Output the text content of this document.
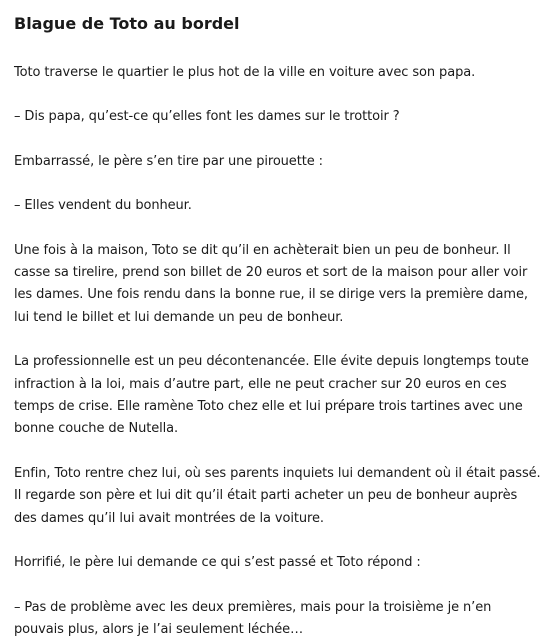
Blague de Toto au bordel

Toto traverse le quartier le plus hot de la ville en voiture avec son papa.

– Dis papa, qu’est-ce qu’elles font les dames sur le trottoir ?

Embarrassé, le père s’en tire par une pirouette :

– Elles vendent du bonheur.

Une fois à la maison, Toto se dit qu’il en achèterait bien un peu de bonheur. Il casse sa tirelire, prend son billet de 20 euros et sort de la maison pour aller voir les dames. Une fois rendu dans la bonne rue, il se dirige vers la première dame, lui tend le billet et lui demande un peu de bonheur.

La professionnelle est un peu décontenancée. Elle évite depuis longtemps toute infraction à la loi, mais d’autre part, elle ne peut cracher sur 20 euros en ces temps de crise. Elle ramène Toto chez elle et lui prépare trois tartines avec une bonne couche de Nutella.

Enfin, Toto rentre chez lui, où ses parents inquiets lui demandent où il était passé. Il regarde son père et lui dit qu’il était parti acheter un peu de bonheur auprès des dames qu’il lui avait montrées de la voiture.

Horrifié, le père lui demande ce qui s’est passé et Toto répond :

– Pas de problème avec les deux premières, mais pour la troisième je n’en pouvais plus, alors je l’ai seulement léchée…
